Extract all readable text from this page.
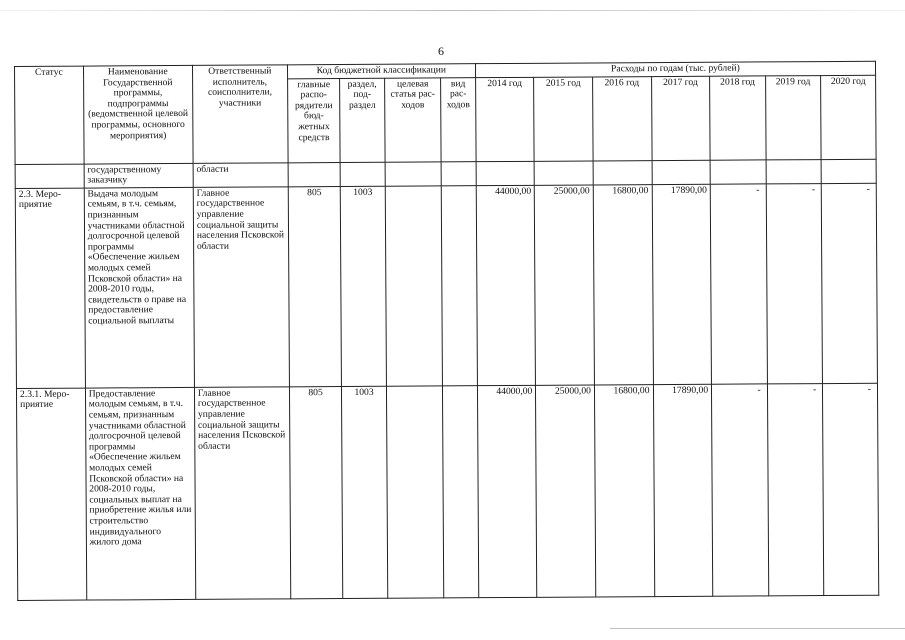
6
Статус	Наименование Государственной программы, подпрограммы (ведомственной целевой программы, основного мероприятия)	Ответственный исполнитель, соисполнители, участники	Код бюджетной классификации				Расходы по годам (тыс. рублей)						
			главные распо-рядители бюд-жетных средств	раздел, под-раздел	целевая статья рас-ходов	вид рас-ходов	2014 год	2015 год	2016 год	2017 год	2018 год	2019 год	2020 год
	государственному заказчику	области											
2.3. Меро-приятие	Выдача молодым семьям, в т.ч. семьям, признанным участниками областной долгосрочной целевой программы «Обеспечение жильем молодых семей Псковской области» на 2008-2010 годы, свидетельств о праве на предоставление социальной выплаты	Главное государственное управление социальной защиты населения Псковской области	805	1003			44000,00	25000,00	16800,00	17890,00	-	-	-
2.3.1. Меро-приятие	Предоставление молодым семьям, в т.ч. семьям, признанным участниками областной долгосрочной целевой программы «Обеспечение жильем молодых семей Псковской области» на 2008-2010 годы, социальных выплат на приобретение жилья или строительство индивидуального жилого дома	Главное государственное управление социальной защиты населения Псковской области	805	1003			44000,00	25000,00	16800,00	17890,00	-	-	-
